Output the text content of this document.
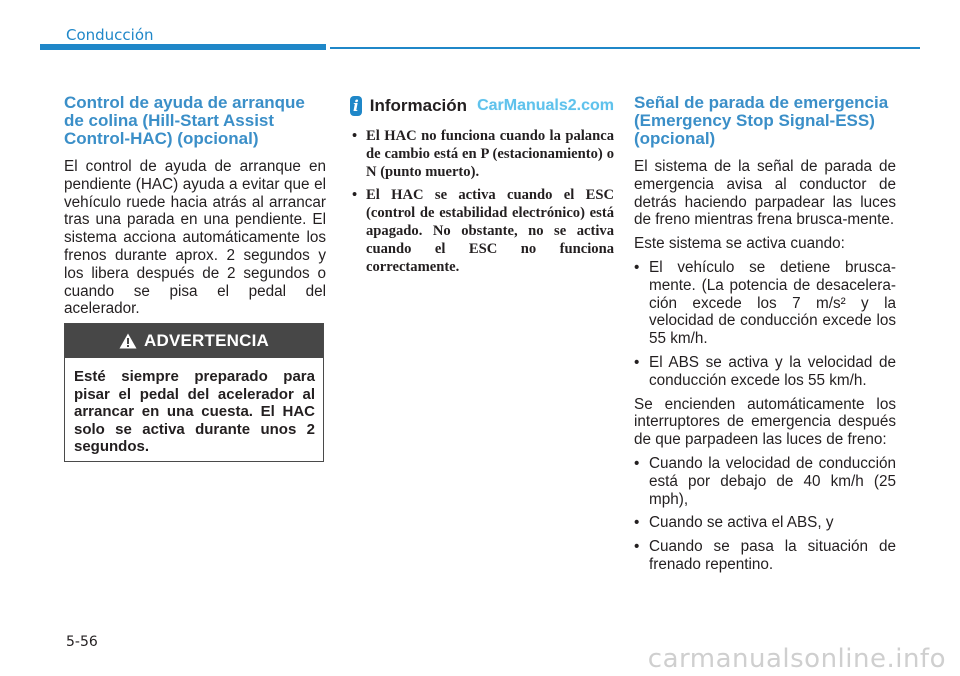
Conducción
Control de ayuda de arranque de colina (Hill-Start Assist Control-HAC) (opcional)

El control de ayuda de arranque en pendiente (HAC) ayuda a evitar que el vehículo ruede hacia atrás al arrancar tras una parada en una pendiente. El sistema acciona automáticamente los frenos durante aprox. 2 segundos y los libera después de 2 segundos o cuando se pisa el pedal del acelerador.

ADVERTENCIA
Esté siempre preparado para pisar el pedal del acelerador al arrancar en una cuesta. El HAC solo se activa durante unos 2 segundos.
i Información CarManuals2.com
• El HAC no funciona cuando la palanca de cambio está en P (estacionamiento) o N (punto muerto).
• El HAC se activa cuando el ESC (control de estabilidad electrónico) está apagado. No obstante, no se activa cuando el ESC no funciona correctamente.
Señal de parada de emergencia (Emergency Stop Signal-ESS) (opcional)

El sistema de la señal de parada de emergencia avisa al conductor de detrás haciendo parpadear las luces de freno mientras frena brusca-mente.

Este sistema se activa cuando:

• El vehículo se detiene brusca-mente. (La potencia de desacelera-ción excede los 7 m/s² y la velocidad de conducción excede los 55 km/h.
• El ABS se activa y la velocidad de conducción excede los 55 km/h.

Se encienden automáticamente los interruptores de emergencia después de que parpadeen las luces de freno:

• Cuando la velocidad de conducción está por debajo de 40 km/h (25 mph),
• Cuando se activa el ABS, y
• Cuando se pasa la situación de frenado repentino.
5-56
carmanualsonline.info
